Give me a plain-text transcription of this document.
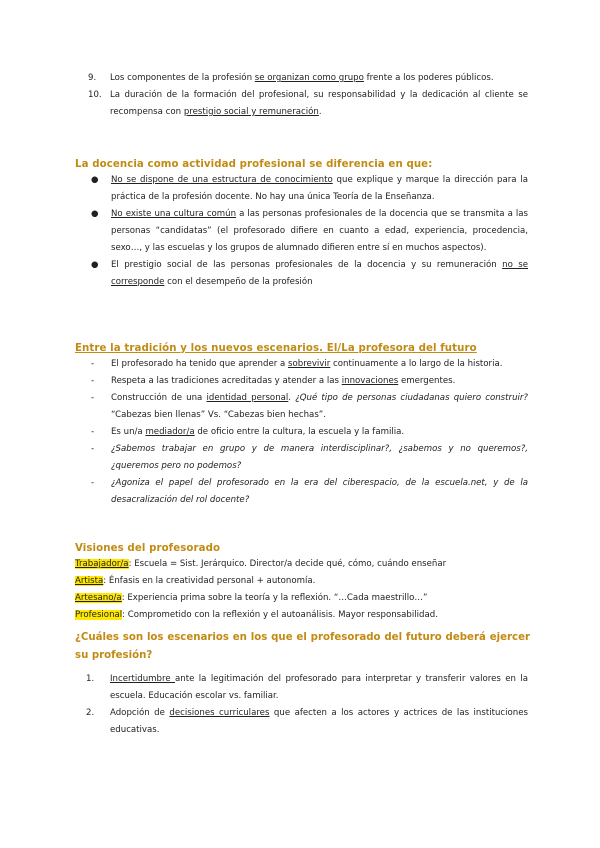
9. Los componentes de la profesión se organizan como grupo frente a los poderes públicos.
10. La duración de la formación del profesional, su responsabilidad y la dedicación al cliente se recompensa con prestigio social y remuneración.
La docencia como actividad profesional se diferencia en que:
● No se dispone de una estructura de conocimiento que explique y marque la dirección para la práctica de la profesión docente. No hay una única Teoría de la Enseñanza.
● No existe una cultura común a las personas profesionales de la docencia que se transmita a las personas “candidatas” (el profesorado difiere en cuanto a edad, experiencia, procedencia, sexo…, y las escuelas y los grupos de alumnado difieren entre sí en muchos aspectos).
● El prestigio social de las personas profesionales de la docencia y su remuneración no se corresponde con el desempeño de la profesión
Entre la tradición y los nuevos escenarios. El/La profesora del futuro
- El profesorado ha tenido que aprender a sobrevivir continuamente a lo largo de la historia.
- Respeta a las tradiciones acreditadas y atender a las innovaciones emergentes.
- Construcción de una identidad personal. ¿Qué tipo de personas ciudadanas quiero construir? “Cabezas bien llenas” Vs. “Cabezas bien hechas”.
- Es un/a mediador/a de oficio entre la cultura, la escuela y la familia.
- ¿Sabemos trabajar en grupo y de manera interdisciplinar?, ¿sabemos y no queremos?, ¿queremos pero no podemos?
- ¿Agoniza el papel del profesorado en la era del ciberespacio, de la escuela.net, y de la desacralización del rol docente?
Visiones del profesorado
Trabajador/a: Escuela = Sist. Jerárquico. Director/a decide qué, cómo, cuándo enseñar
Artista: Énfasis en la creatividad personal + autonomía.
Artesano/a: Experiencia prima sobre la teoría y la reflexión. “…Cada maestrillo…”
Profesional: Comprometido con la reflexión y el autoanálisis. Mayor responsabilidad.
¿Cuáles son los escenarios en los que el profesorado del futuro deberá ejercer su profesión?
1. Incertidumbre ante la legitimación del profesorado para interpretar y transferir valores en la escuela. Educación escolar vs. familiar.
2. Adopción de decisiones curriculares que afecten a los actores y actrices de las instituciones educativas.
